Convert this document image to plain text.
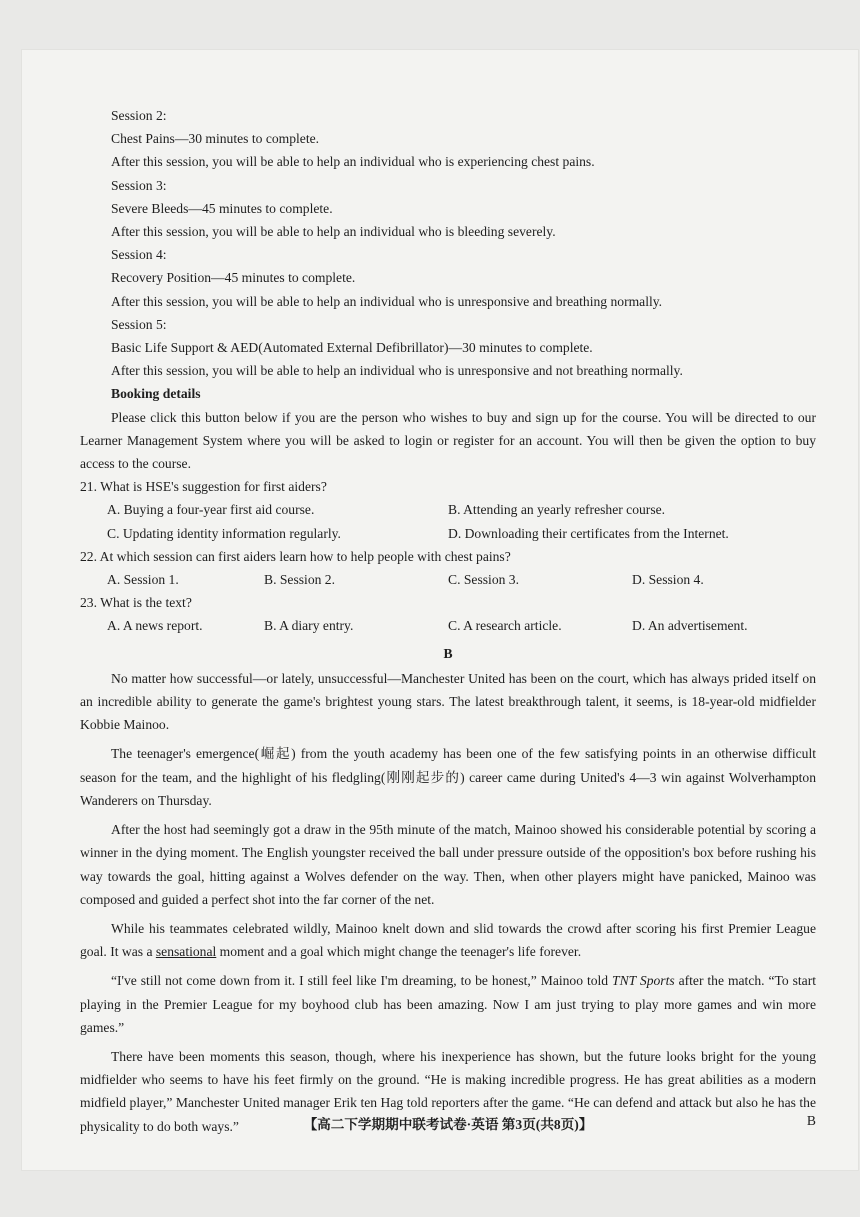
Session 2:

Chest Pains—30 minutes to complete.

After this session, you will be able to help an individual who is experiencing chest pains.

Session 3:

Severe Bleeds—45 minutes to complete.

After this session, you will be able to help an individual who is bleeding severely.

Session 4:

Recovery Position—45 minutes to complete.

After this session, you will be able to help an individual who is unresponsive and breathing normally.

Session 5:

Basic Life Support & AED(Automated External Defibrillator)—30 minutes to complete.

After this session, you will be able to help an individual who is unresponsive and not breathing normally.

Booking details

Please click this button below if you are the person who wishes to buy and sign up for the course. You will be directed to our Learner Management System where you will be asked to login or register for an account. You will then be given the option to buy access to the course.

21. What is HSE's suggestion for first aiders?

A. Buying a four-year first aid course.	B. Attending an yearly refresher course.
C. Updating identity information regularly.	D. Downloading their certificates from the Internet.

22. At which session can first aiders learn how to help people with chest pains?

A. Session 1.	B. Session 2.	C. Session 3.	D. Session 4.

23. What is the text?

A. A news report.	B. A diary entry.	C. A research article.	D. An advertisement.

B

No matter how successful—or lately, unsuccessful—Manchester United has been on the court, which has always prided itself on an incredible ability to generate the game's brightest young stars. The latest breakthrough talent, it seems, is 18-year-old midfielder Kobbie Mainoo.

The teenager's emergence(崛起) from the youth academy has been one of the few satisfying points in an otherwise difficult season for the team, and the highlight of his fledgling(刚刚起步的) career came during United's 4—3 win against Wolverhampton Wanderers on Thursday.

After the host had seemingly got a draw in the 95th minute of the match, Mainoo showed his considerable potential by scoring a winner in the dying moment. The English youngster received the ball under pressure outside of the opposition's box before rushing his way towards the goal, hitting against a Wolves defender on the way. Then, when other players might have panicked, Mainoo was composed and guided a perfect shot into the far corner of the net.

While his teammates celebrated wildly, Mainoo knelt down and slid towards the crowd after scoring his first Premier League goal. It was a sensational moment and a goal which might change the teenager's life forever.

“I've still not come down from it. I still feel like I'm dreaming, to be honest,” Mainoo told TNT Sports after the match. “To start playing in the Premier League for my boyhood club has been amazing. Now I am just trying to play more games and win more games.”

There have been moments this season, though, where his inexperience has shown, but the future looks bright for the young midfielder who seems to have his feet firmly on the ground. “He is making incredible progress. He has great abilities as a modern midfield player,” Manchester United manager Erik ten Hag told reporters after the game. “He can defend and attack but also he has the physicality to do both ways.”	【高二下学期期中联考试卷·英语 第3页(共8页)】	B
